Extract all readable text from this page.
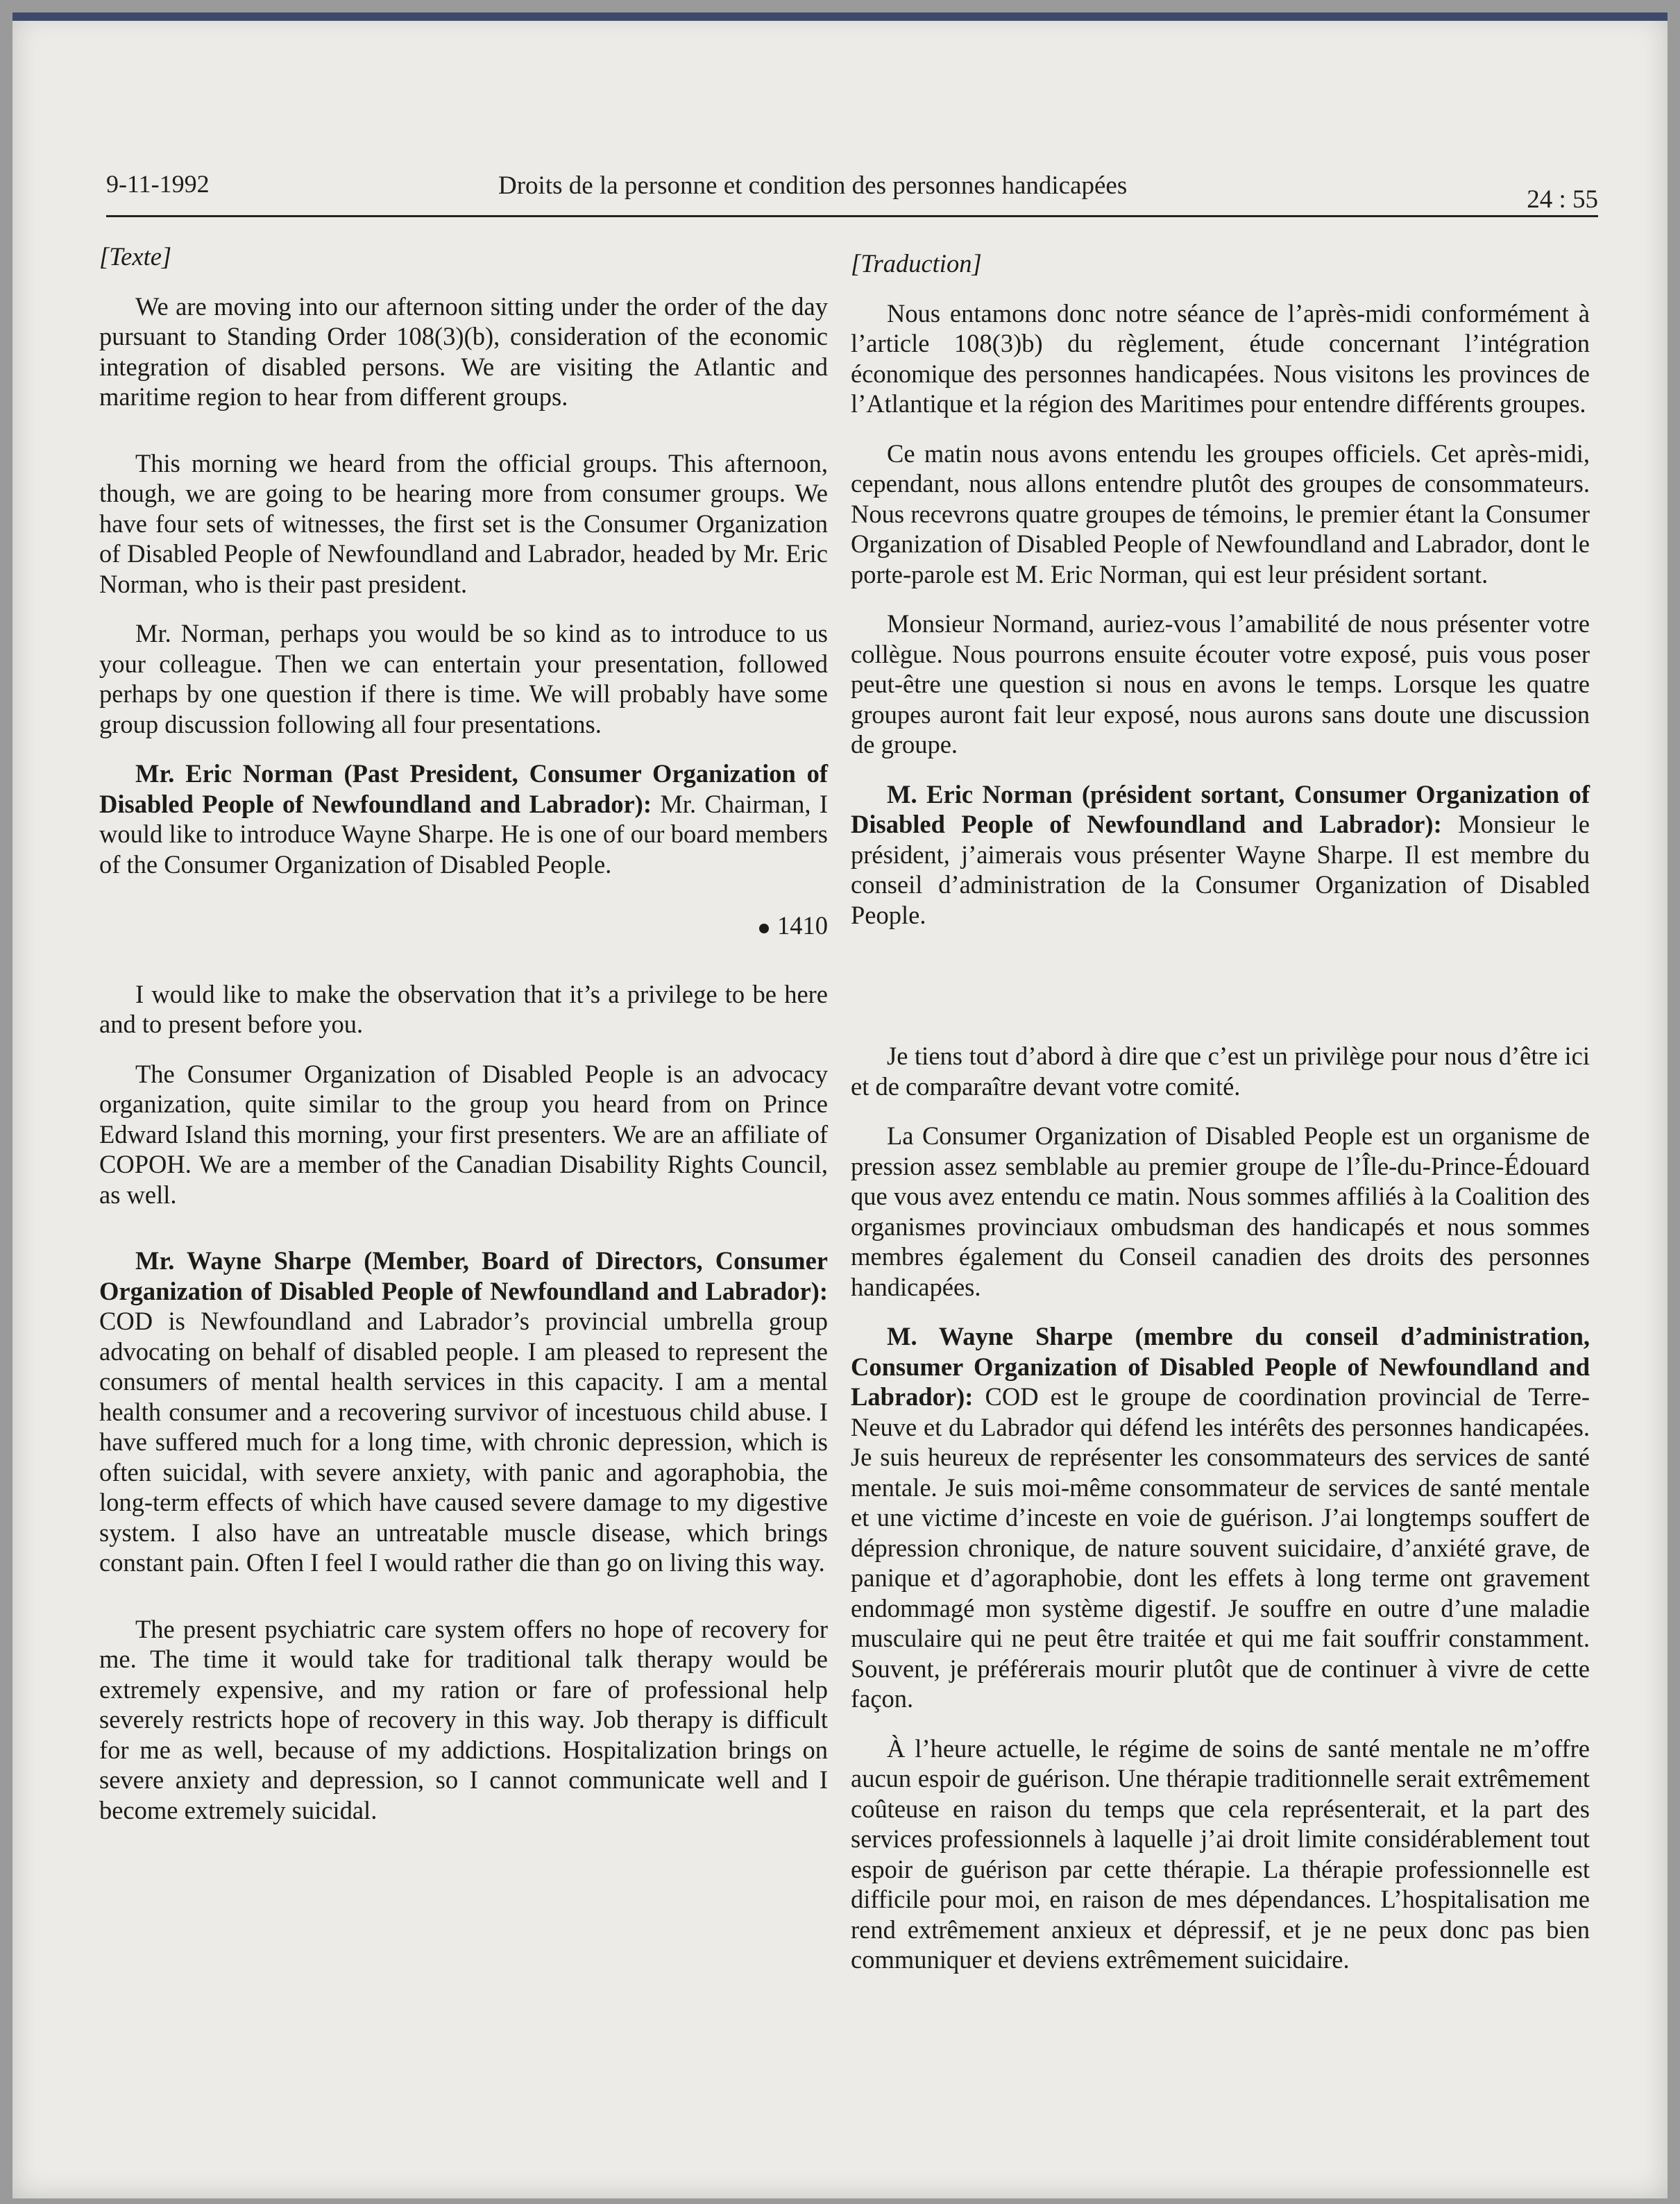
9-11-1992	Droits de la personne et condition des personnes handicapées	24 : 55

[Texte]

We are moving into our afternoon sitting under the order of the day pursuant to Standing Order 108(3)(b), consideration of the economic integration of disabled persons. We are visiting the Atlantic and maritime region to hear from different groups.

This morning we heard from the official groups. This afternoon, though, we are going to be hearing more from consumer groups. We have four sets of witnesses, the first set is the Consumer Organization of Disabled People of Newfoundland and Labrador, headed by Mr. Eric Norman, who is their past president.

Mr. Norman, perhaps you would be so kind as to introduce to us your colleague. Then we can entertain your presentation, followed perhaps by one question if there is time. We will probably have some group discussion following all four presentations.

Mr. Eric Norman (Past President, Consumer Organization of Disabled People of Newfoundland and Labrador): Mr. Chairman, I would like to introduce Wayne Sharpe. He is one of our board members of the Consumer Organization of Disabled People.

1410

I would like to make the observation that it’s a privilege to be here and to present before you.

The Consumer Organization of Disabled People is an advocacy organization, quite similar to the group you heard from on Prince Edward Island this morning, your first presenters. We are an affiliate of COPOH. We are a member of the Canadian Disability Rights Council, as well.

Mr. Wayne Sharpe (Member, Board of Directors, Consumer Organization of Disabled People of Newfoundland and Labrador): COD is Newfoundland and Labrador’s provincial umbrella group advocating on behalf of disabled people. I am pleased to represent the consumers of mental health services in this capacity. I am a mental health consumer and a recovering survivor of incestuous child abuse. I have suffered much for a long time, with chronic depression, which is often suicidal, with severe anxiety, with panic and agoraphobia, the long-term effects of which have caused severe damage to my digestive system. I also have an untreatable muscle disease, which brings constant pain. Often I feel I would rather die than go on living this way.

The present psychiatric care system offers no hope of recovery for me. The time it would take for traditional talk therapy would be extremely expensive, and my ration or fare of professional help severely restricts hope of recovery in this way. Job therapy is difficult for me as well, because of my addictions. Hospitalization brings on severe anxiety and depression, so I cannot communicate well and I become extremely suicidal.

[Traduction]

Nous entamons donc notre séance de l’après-midi conformément à l’article 108(3)b) du règlement, étude concernant l’intégration économique des personnes handicapées. Nous visitons les provinces de l’Atlantique et la région des Maritimes pour entendre différents groupes.

Ce matin nous avons entendu les groupes officiels. Cet après-midi, cependant, nous allons entendre plutôt des groupes de consommateurs. Nous recevrons quatre groupes de témoins, le premier étant la Consumer Organization of Disabled People of Newfoundland and Labrador, dont le porte-parole est M. Eric Norman, qui est leur président sortant.

Monsieur Normand, auriez-vous l’amabilité de nous présenter votre collègue. Nous pourrons ensuite écouter votre exposé, puis vous poser peut-être une question si nous en avons le temps. Lorsque les quatre groupes auront fait leur exposé, nous aurons sans doute une discussion de groupe.

M. Eric Norman (président sortant, Consumer Organization of Disabled People of Newfoundland and Labrador): Monsieur le président, j’aimerais vous présenter Wayne Sharpe. Il est membre du conseil d’administration de la Consumer Organization of Disabled People.

Je tiens tout d’abord à dire que c’est un privilège pour nous d’être ici et de comparaître devant votre comité.

La Consumer Organization of Disabled People est un organisme de pression assez semblable au premier groupe de l’Île-du-Prince-Édouard que vous avez entendu ce matin. Nous sommes affiliés à la Coalition des organismes provinciaux ombudsman des handicapés et nous sommes membres également du Conseil canadien des droits des personnes handicapées.

M. Wayne Sharpe (membre du conseil d’administration, Consumer Organization of Disabled People of Newfoundland and Labrador): COD est le groupe de coordination provincial de Terre-Neuve et du Labrador qui défend les intérêts des personnes handicapées. Je suis heureux de représenter les consommateurs des services de santé mentale. Je suis moi-même consommateur de services de santé mentale et une victime d’inceste en voie de guérison. J’ai longtemps souffert de dépression chronique, de nature souvent suicidaire, d’anxiété grave, de panique et d’agoraphobie, dont les effets à long terme ont gravement endommagé mon système digestif. Je souffre en outre d’une maladie musculaire qui ne peut être traitée et qui me fait souffrir constamment. Souvent, je préférerais mourir plutôt que de continuer à vivre de cette façon.

À l’heure actuelle, le régime de soins de santé mentale ne m’offre aucun espoir de guérison. Une thérapie traditionnelle serait extrêmement coûteuse en raison du temps que cela représenterait, et la part des services professionnels à laquelle j’ai droit limite considérablement tout espoir de guérison par cette thérapie. La thérapie professionnelle est difficile pour moi, en raison de mes dépendances. L’hospitalisation me rend extrêmement anxieux et dépressif, et je ne peux donc pas bien communiquer et deviens extrêmement suicidaire.
